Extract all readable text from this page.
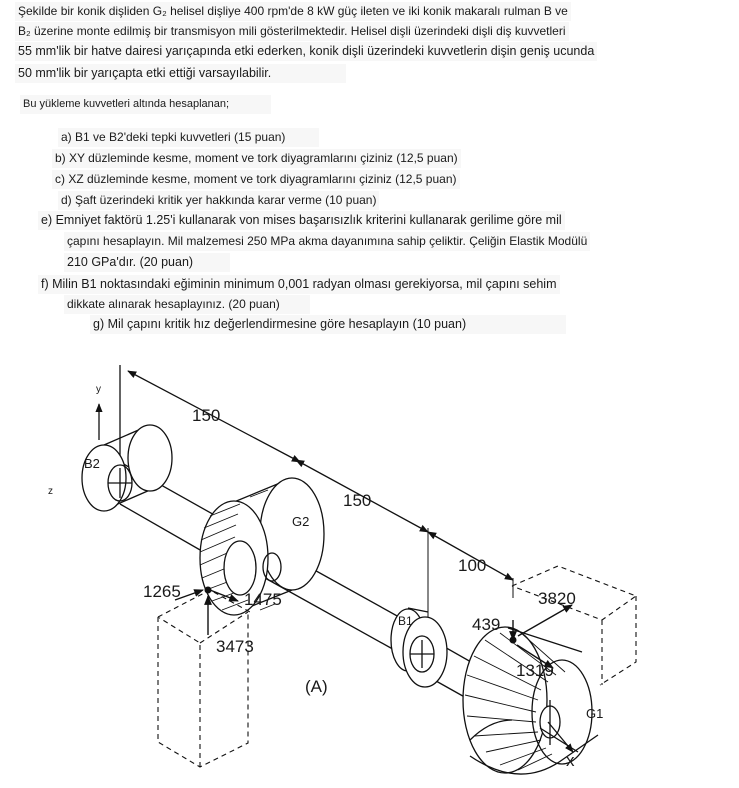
Şekilde bir konik dişliden G₂ helisel dişliye 400 rpm'de 8 kW güç ileten ve iki konik makaralı rulman B ve
B₂ üzerine monte edilmiş bir transmisyon mili gösterilmektedir. Helisel dişli üzerindeki dişli diş kuvvetleri
55 mm'lik bir hatve dairesi yarıçapında etki ederken, konik dişli üzerindeki kuvvetlerin dişin geniş ucunda
50 mm'lik bir yarıçapta etki ettiği varsayılabilir.
Bu yükleme kuvvetleri altında hesaplanan;
a) B1 ve B2'deki tepki kuvvetleri (15 puan)
b) XY düzleminde kesme, moment ve tork diyagramlarını çiziniz (12,5 puan)
c) XZ düzleminde kesme, moment ve tork diyagramlarını çiziniz (12,5 puan)
d) Şaft üzerindeki kritik yer hakkında karar verme (10 puan)
e) Emniyet faktörü 1.25'i kullanarak von mises başarısızlık kriterini kullanarak gerilime göre mil
çapını hesaplayın. Mil malzemesi 250 MPa akma dayanımına sahip çeliktir. Çeliğin Elastik Modülü
210 GPa'dır. (20 puan)
f) Milin B1 noktasındaki eğiminin minimum 0,001 radyan olması gerekiyorsa, mil çapını sehim
dikkate alınarak hesaplayınız. (20 puan)
g) Mil çapını kritik hız değerlendirmesine göre hesaplayın (10 puan)
y
z
x
150
150
100
B2
G2
B1
G1
1265	1475
3473
3820
439
1319
(A)
